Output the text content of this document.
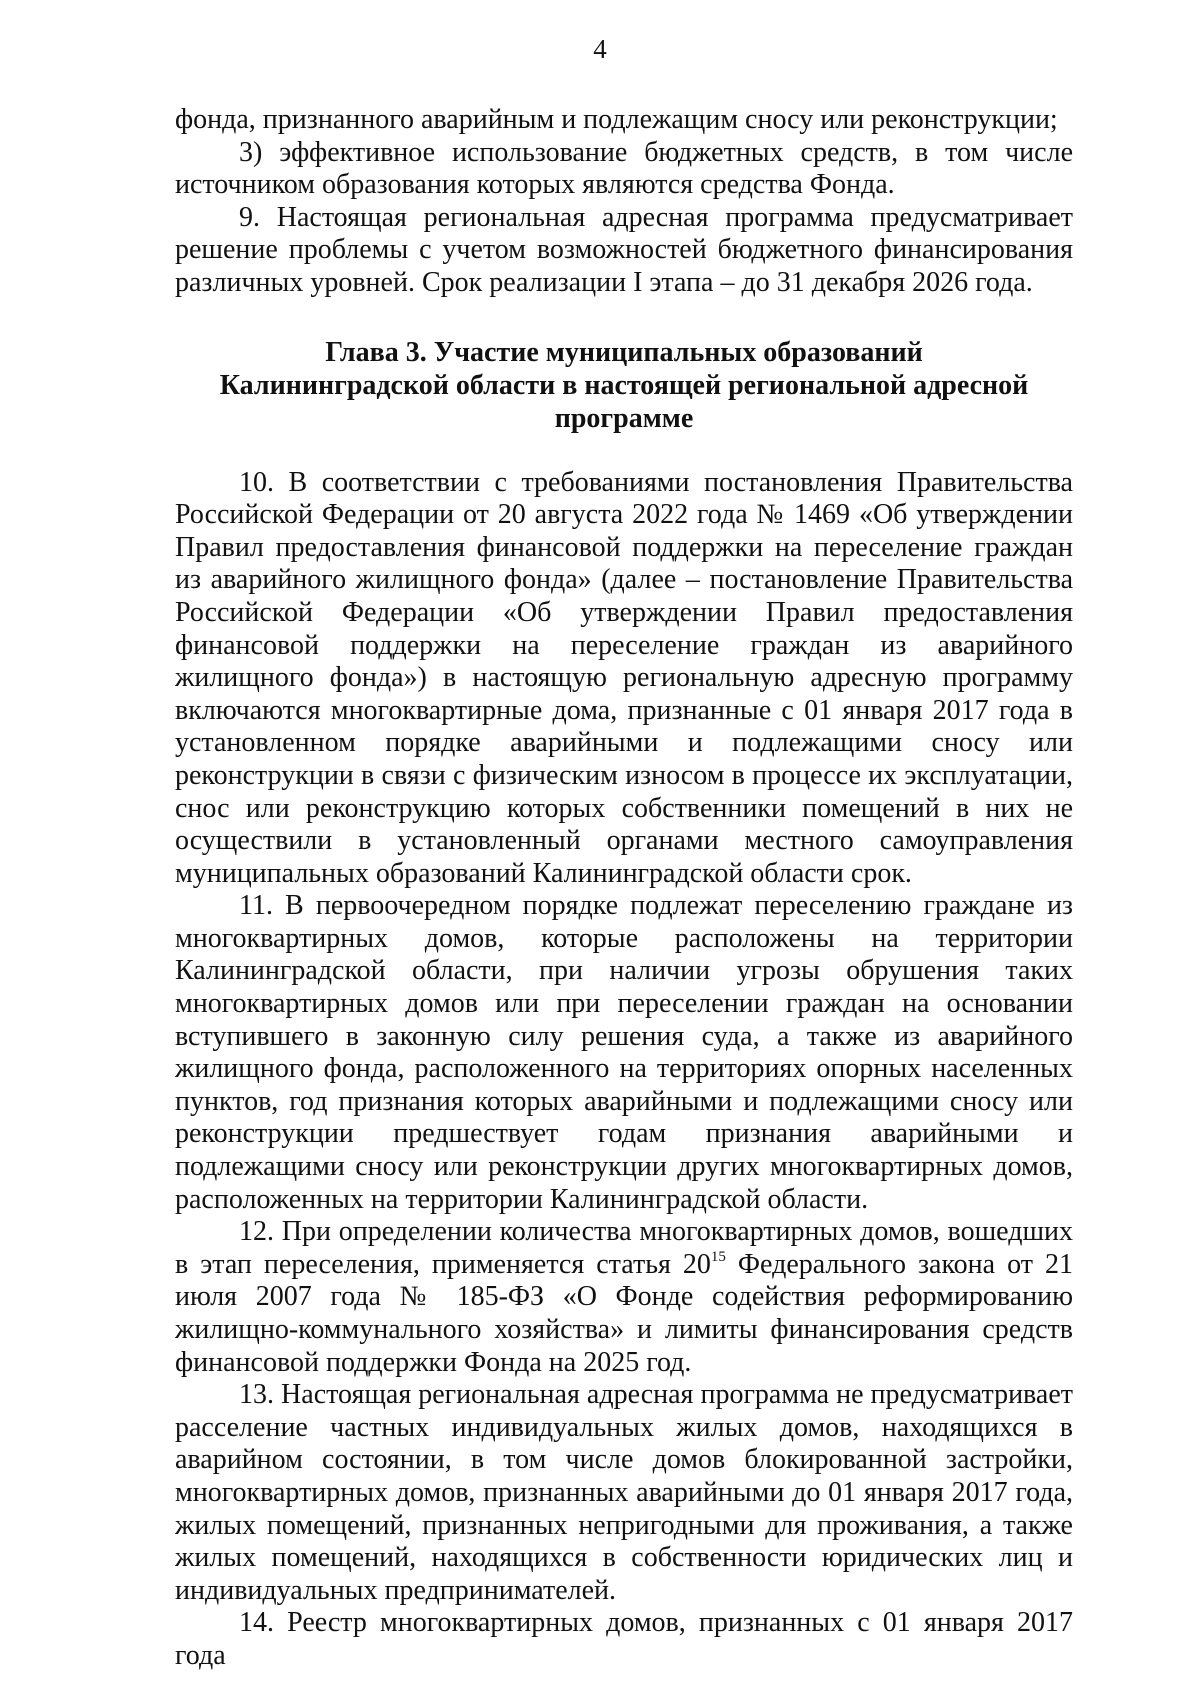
4

фонда, признанного аварийным и подлежащим сносу или реконструкции;

3) эффективное использование бюджетных средств, в том числе источником образования которых являются средства Фонда.

9. Настоящая региональная адресная программа предусматривает решение проблемы с учетом возможностей бюджетного финансирования различных уровней. Срок реализации I этапа – до 31 декабря 2026 года.

Глава 3. Участие муниципальных образований
Калининградской области в настоящей региональной адресной программе

10. В соответствии с требованиями постановления Правительства Российской Федерации от 20 августа 2022 года № 1469 «Об утверждении Правил предоставления финансовой поддержки на переселение граждан из аварийного жилищного фонда» (далее – постановление Правительства Российской Федерации «Об утверждении Правил предоставления финансовой поддержки на переселение граждан из аварийного жилищного фонда») в настоящую региональную адресную программу включаются многоквартирные дома, признанные с 01 января 2017 года в установленном порядке аварийными и подлежащими сносу или реконструкции в связи с физическим износом в процессе их эксплуатации, снос или реконструкцию которых собственники помещений в них не осуществили в установленный органами местного самоуправления муниципальных образований Калининградской области срок.

11. В первоочередном порядке подлежат переселению граждане из многоквартирных домов, которые расположены на территории Калининградской области, при наличии угрозы обрушения таких многоквартирных домов или при переселении граждан на основании вступившего в законную силу решения суда, а также из аварийного жилищного фонда, расположенного на территориях опорных населенных пунктов, год признания которых аварийными и подлежащими сносу или реконструкции предшествует годам признания аварийными и подлежащими сносу или реконструкции других многоквартирных домов, расположенных на территории Калининградской области.

12. При определении количества многоквартирных домов, вошедших в этап переселения, применяется статья $20^{15}$ Федерального закона от 21 июля 2007 года № 185-ФЗ «О Фонде содействия реформированию жилищно-коммунального хозяйства» и лимиты финансирования средств финансовой поддержки Фонда на 2025 год.

13. Настоящая региональная адресная программа не предусматривает расселение частных индивидуальных жилых домов, находящихся в аварийном состоянии, в том числе домов блокированной застройки, многоквартирных домов, признанных аварийными до 01 января 2017 года, жилых помещений, признанных непригодными для проживания, а также жилых помещений, находящихся в собственности юридических лиц и индивидуальных предпринимателей.

14. Реестр многоквартирных домов, признанных с 01 января 2017 года
